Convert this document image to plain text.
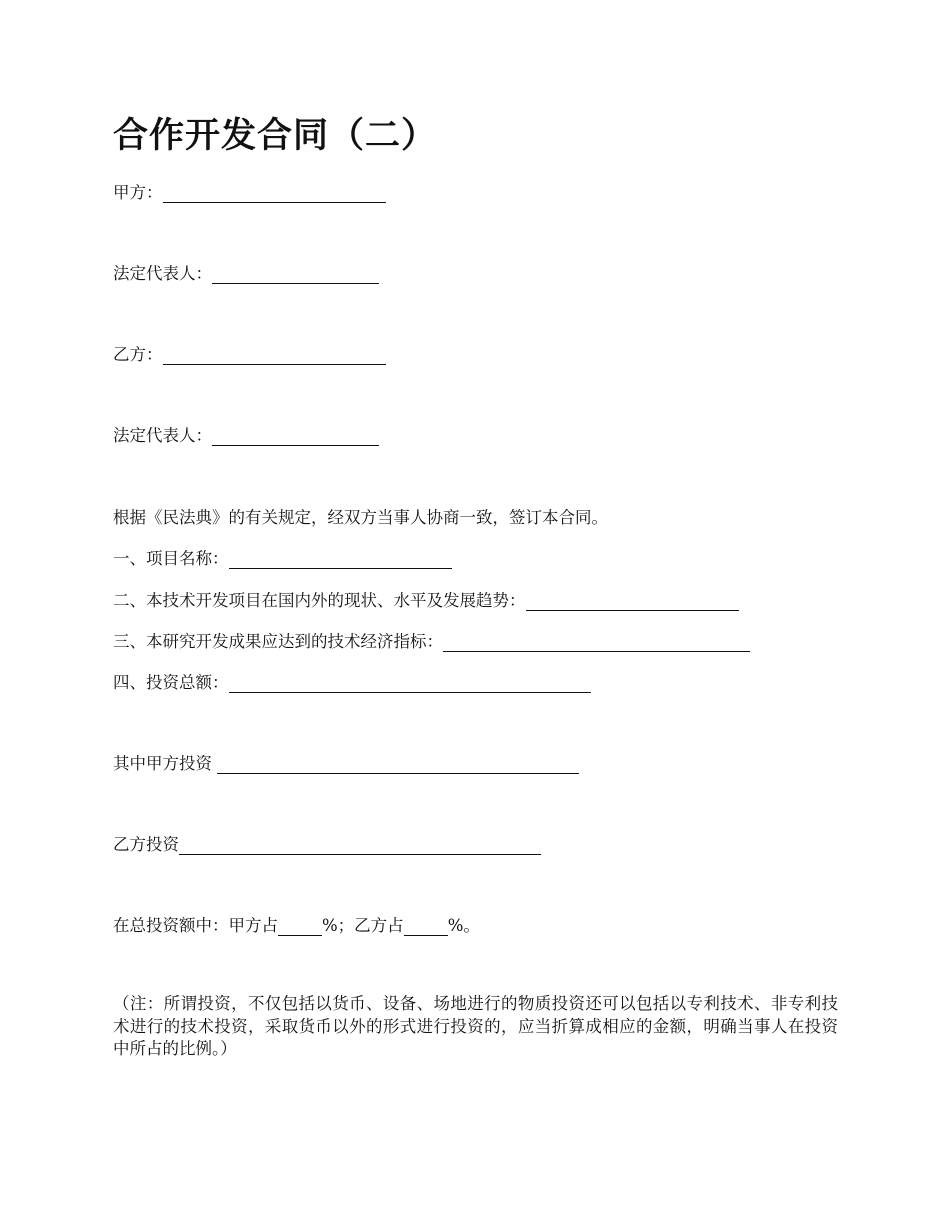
合作开发合同（二）
甲方：
法定代表人：
乙方：
法定代表人：
根据《民法典》的有关规定，经双方当事人协商一致，签订本合同。
一、项目名称：
二、本技术开发项目在国内外的现状、水平及发展趋势：
三、本研究开发成果应达到的技术经济指标：
四、投资总额：
其中甲方投资
乙方投资
在总投资额中：甲方占	%；乙方占	%。
（注：所谓投资，不仅包括以货币、设备、场地进行的物质投资还可以包括以专利技术、非专利技术进行的技术投资，采取货币以外的形式进行投资的，应当折算成相应的金额，明确当事人在投资中所占的比例。）
